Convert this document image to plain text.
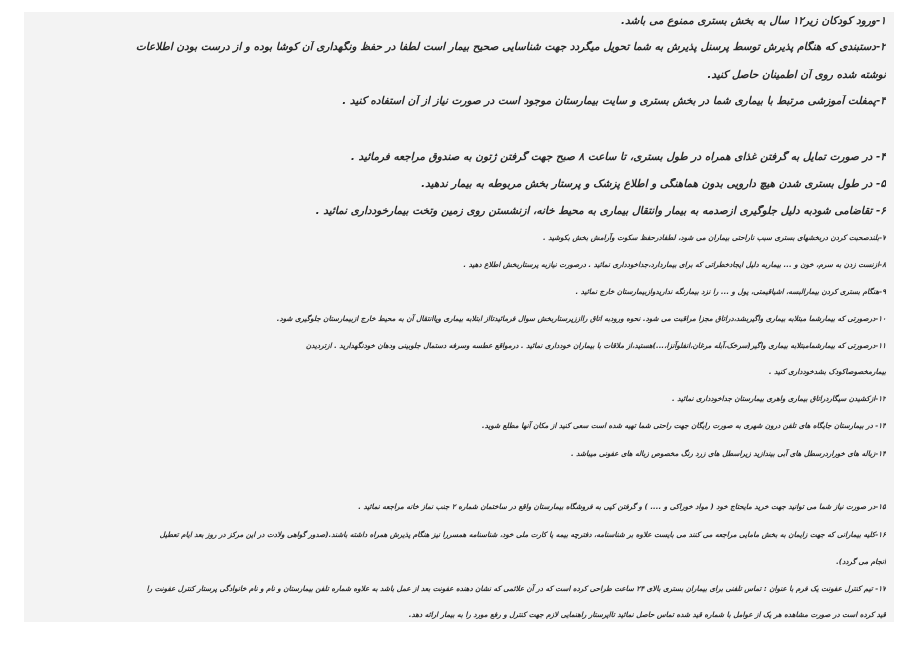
۱-ورود کودکان زیر۱۲ سال به بخش بستری ممنوع می باشد.
۲-دستبندی که هنگام پذیرش توسط پرسنل پذیرش به شما تحویل میگردد جهت شناسایی صحیح بیمار است لطفا در حفظ ونگهداری آن کوشا بوده و از درست بودن اطلاعات
نوشته شده روی آن اطمینان حاصل کنید.
۳-پمفلت آموزشی مرتبط با بیماری شما در بخش بستری و سایت بیمارستان موجود است در صورت نیاز از آن استفاده کنید .
۴- در صورت تمایل به گرفتن غذای همراه در طول بستری، تا ساعت ۸ صبح جهت گرفتن ژتون به صندوق مراجعه فرمائید .
۵- در طول بستری شدن هیچ دارویی بدون هماهنگی و اطلاع پزشک و پرستار بخش مربوطه به بیمار ندهید.
۶- تقاضامی شودبه دلیل جلوگیری ازصدمه به بیمار وانتقال بیماری به محیط خانه، ازنشستن روی زمین وتخت بیمارخودداری نمائید .
۷-بلندصحبت کردن دربخشهای بستری سبب ناراحتی بیماران می شود، لطفادرحفظ سکوت وآرامش بخش بکوشید .
۸-ازنست زدن به سرم، خون و ... بیماربه دلیل ایجادخطراتی که برای بیماردارد،جداخودداری نمائید . درصورت نیازبه پرستاربخش اطلاع دهید .
۹-هنگام بستری کردن بیمارالبسه، اشیاقیمتی، پول و ... را نزد بیمارنگه نداریدوازبیمارستان خارج نمائید .
۱۰-درصورتی که بیمارشما مبتلابه بیماری واگیربشد،دراتاق مجزا مراقبت می شود. نحوه ورودبه اتاق رااززپرستاربخش سوال فرمائیدتااز ابتلابه بیماری وپاانتقال آن به محیط خارج ازبیمارستان جلوگیری شود.
۱۱-درصورتی که بیمارشمامبتلابه بیماری واگیر(سرخک،آبله مرغان،انفلوآنزا،...)هستید،از ملاقات با بیماران خودداری نمائید . درمواقع عطسه وسرفه دستمال جلوبینی ودهان خودنگهدارید . ازتردیدن
بیمارمخصوصاکودک بشدخودداری کنید .
۱۲-ازکشیدن سیگاردراتاق بیماری واهری بیمارستان جداخودداری نمائید .
۱۳- در بیمارستان جایگاه های تلفن درون شهری به صورت رایگان جهت راحتی شما تهیه شده است سعی کنید از مکان آنها مطلع شوید.
۱۴-زباله های خوراردرسطل های آبی بیندازید زیراسطل های زرد رنگ مخصوص زباله های عفونی میباشد .
۱۵-در صورت نیاز شما می توانید جهت خرید مایحتاج خود ( مواد خوراکی و .... ) و گرفتن کپی به فروشگاه بیمارستان واقع در ساختمان شماره ۲ جنب نماز خانه مراجعه نمائید .
۱۶-کلیه بیمارانی که جهت زایمان به بخش مامایی مراجعه می کنند می بایست علاوه بر شناسنامه، دفترچه بیمه یا کارت ملی خود، شناسنامه همسررا نیز هنگام پذیرش همراه داشته باشند.(صدور گواهی ولادت در این مرکز در روز بعد ایام تعطیل
انجام می گردد).
۱۷- تیم کنترل عفونت یک فرم با عنوان : تماس تلفنی برای بیماران بستری بالای ۲۴ ساعت طراحی کرده است که در آن علائمی که نشان دهنده عفونت بعد از عمل باشد به علاوه شماره تلفن بیمارستان و نام و نام خانوادگی پرستار کنترل عفونت را
قید کرده است در صورت مشاهده هر یک از عوامل با شماره قید شده تماس حاصل نمائید تااپرستار راهنمایی لازم جهت کنترل و رفع مورد را به بیمار ارائه دهد.
